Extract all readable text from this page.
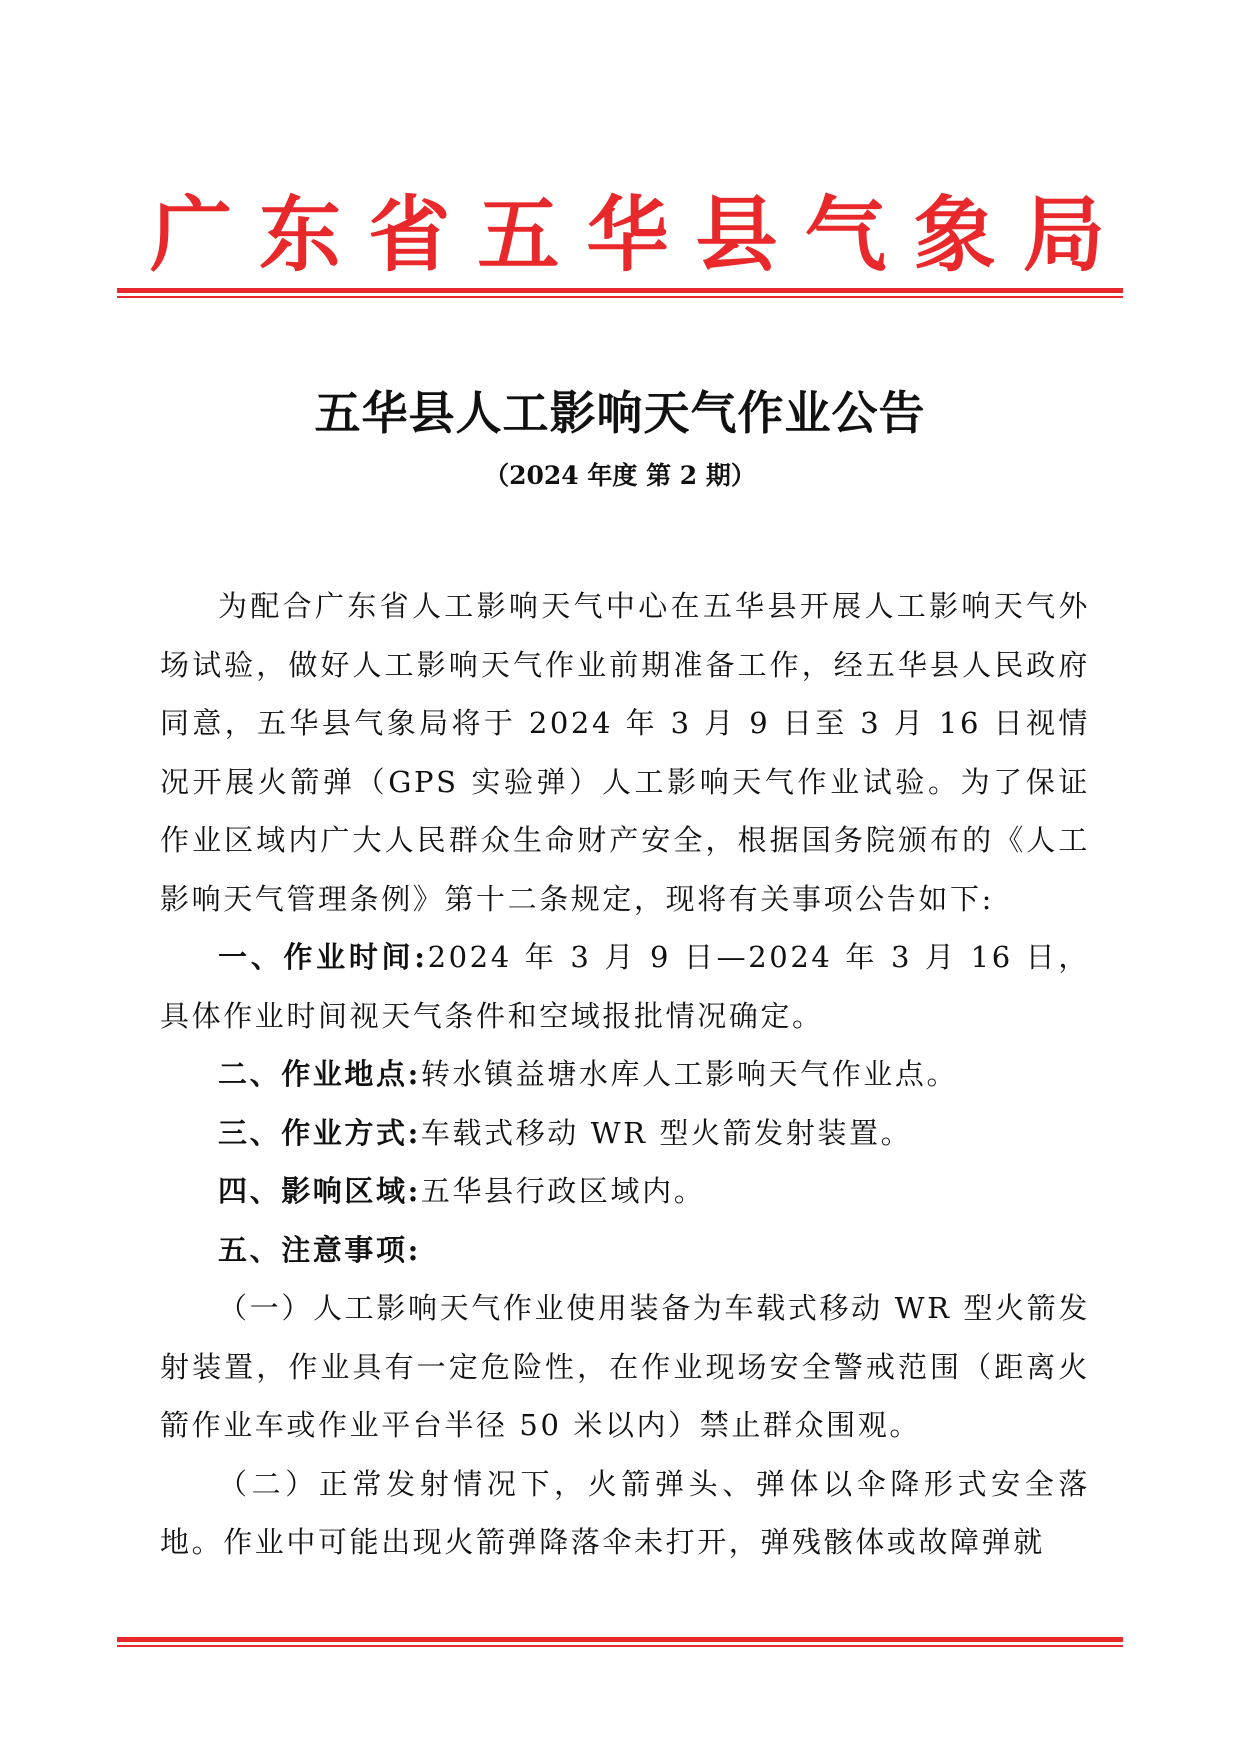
广 东 省 五 华 县 气 象 局
五华县人工影响天气作业公告
（2024 年度 第 2 期）

为配合广东省人工影响天气中心在五华县开展人工影响天气外场试验，做好人工影响天气作业前期准备工作，经五华县人民政府同意，五华县气象局将于 2024 年 3 月 9 日至 3 月 16 日视情况开展火箭弹（GPS 实验弹）人工影响天气作业试验。为了保证作业区域内广大人民群众生命财产安全，根据国务院颁布的《人工影响天气管理条例》第十二条规定，现将有关事项公告如下:

一、作业时间:2024 年 3 月 9 日—2024 年 3 月 16 日，具体作业时间视天气条件和空域报批情况确定。

二、作业地点:转水镇益塘水库人工影响天气作业点。

三、作业方式:车载式移动 WR 型火箭发射装置。

四、影响区域:五华县行政区域内。

五、注意事项:

（一）人工影响天气作业使用装备为车载式移动 WR 型火箭发射装置，作业具有一定危险性，在作业现场安全警戒范围（距离火箭作业车或作业平台半径 50 米以内）禁止群众围观。

（二）正常发射情况下，火箭弹头、弹体以伞降形式安全落地。作业中可能出现火箭弹降落伞未打开，弹残骸体或故障弹就
